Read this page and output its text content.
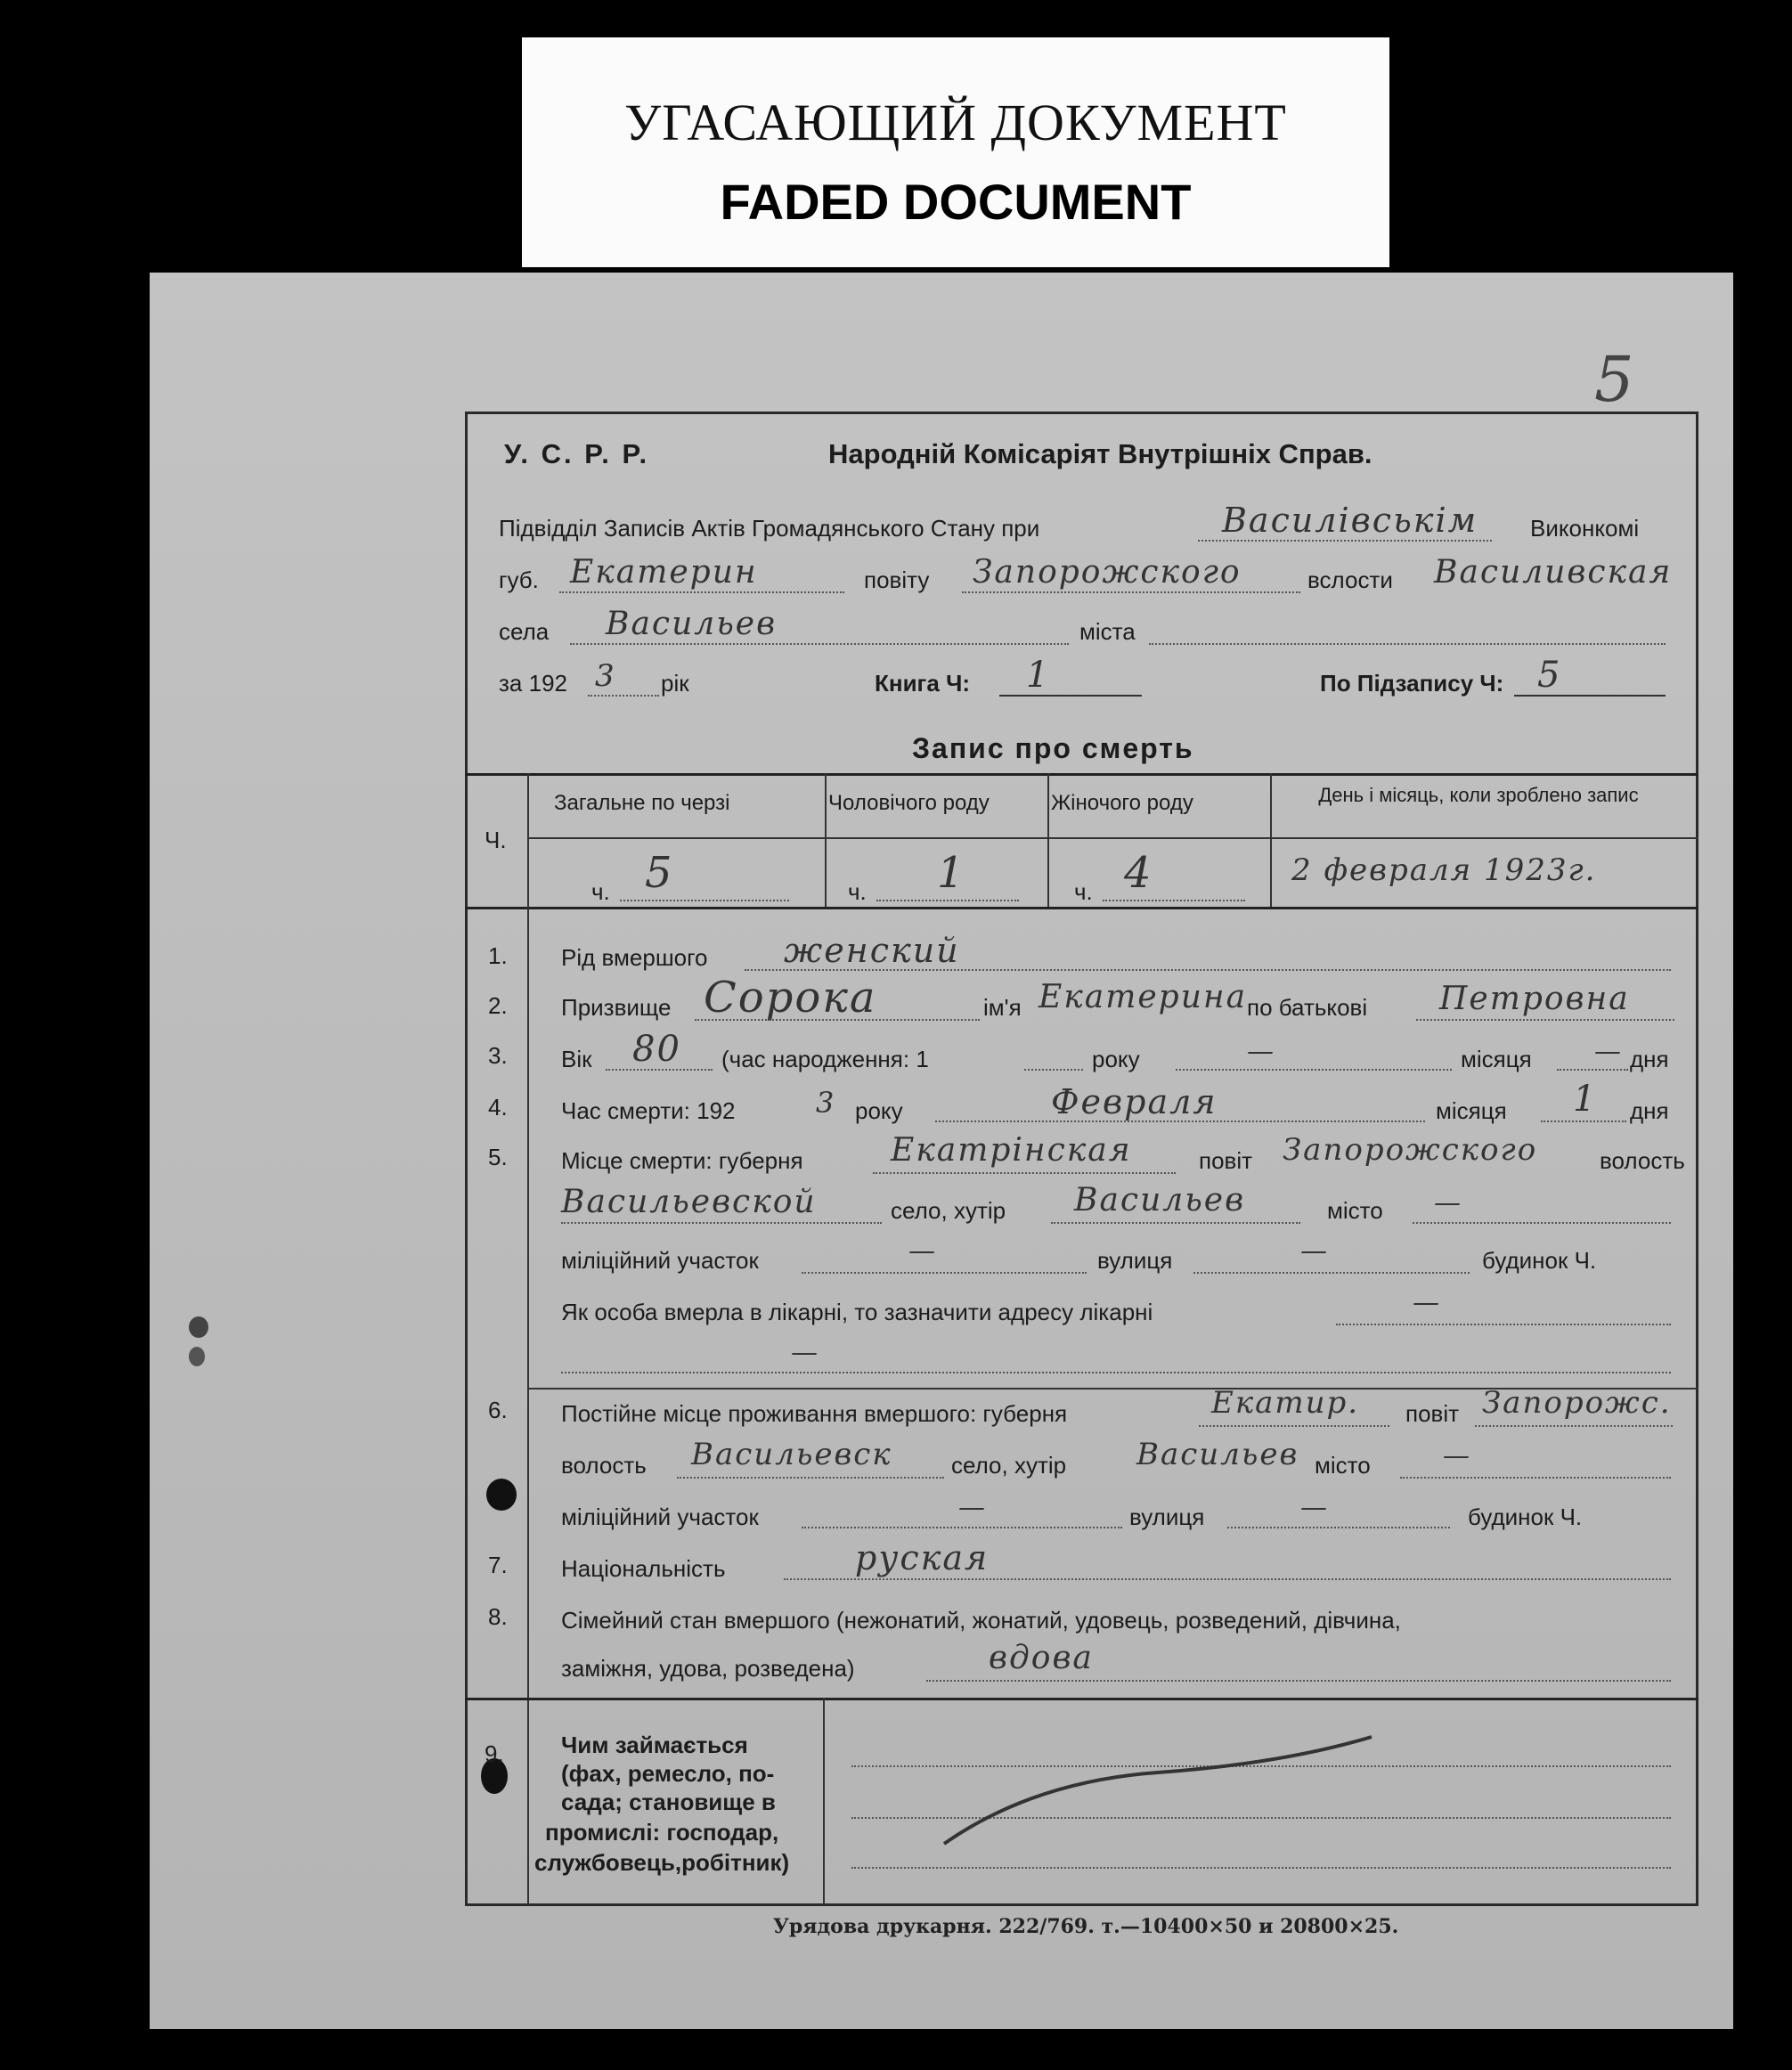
УГАСАЮЩИЙ ДОКУМЕНТ
FADED DOCUMENT
5
У. С. Р. Р.	Народній Комісаріят Внутрішніх Справ.
Підвідділ Записів Актів Громадянського Стану при	Василівськім Виконкомі
губ. Екатерин	повіту Запорожского	вслости Василивская
села Васильев	міста
за 192 3 рік	Книга Ч: 1	По Підзапису Ч: 5
Запис про смерть
Ч.
Загальне по черзі	Чоловічого роду	Жіночого роду	День і місяць, коли зроблено запис
ч. 5	ч. 1	ч. 4	2 февраля 1923г.
1. Рід вмершого женский
2. Призвище Сорока	ім'я Екатерина по батькові Петровна
3. Вік 80 (час народження: 1	року	—	місяця — дня
4. Час смерти: 192	3 року	Февраля	місяця 1 дня
5. Місце смерти: губерня	Екатрінская	повіт Запорожского	волость
Васильевской	село, хутір Васильев	місто —
міліційний участок	—	вулиця	—	будинок Ч.
Як особа вмерла в лікарні, то зазначити адресу лікарні	—
—
6. Постійне місце проживання вмершого: губерня	Екатир. повіт Запорожс.
волость Васильевск	село, хутір Васильев місто	—
міліційний участок	—	вулиця	—	будинок Ч.
7. Національність	руская
8. Сімейний стан вмершого (нежонатий, жонатий, удовець, розведений, дівчина,
заміжня, удова, розведена)	вдова
9. Чим займається
(фах, ремесло, по-
сада; становище в
промислі: господар,
службовець,робітник)
Урядова друкарня. 222/769. т.—10400×50 и 20800×25.
